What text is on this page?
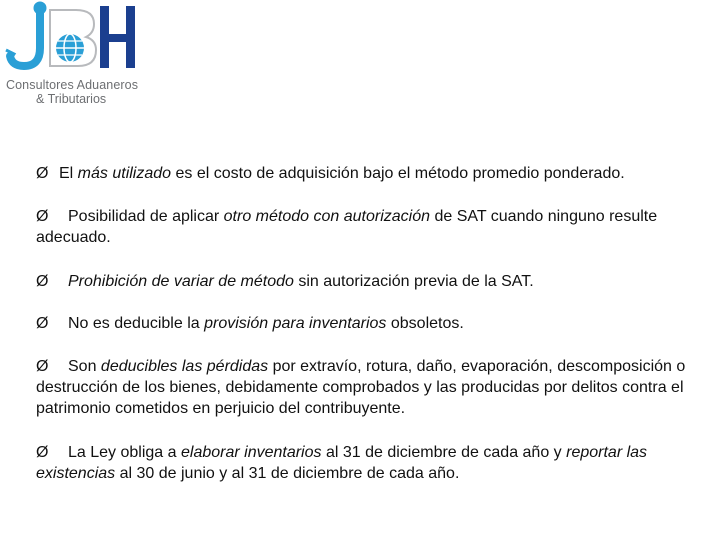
Consultores Aduaneros
& Tributarios
Ø El más utilizado es el costo de adquisición bajo el método promedio ponderado.
Ø Posibilidad de aplicar otro método con autorización de SAT cuando ninguno resulte adecuado.
Ø Prohibición de variar de método sin autorización previa de la SAT.
Ø No es deducible la provisión para inventarios obsoletos.
Ø Son deducibles las pérdidas por extravío, rotura, daño, evaporación, descomposición o destrucción de los bienes, debidamente comprobados y las producidas por delitos contra el patrimonio cometidos en perjuicio del contribuyente.
Ø La Ley obliga a elaborar inventarios al 31 de diciembre de cada año y reportar las existencias al 30 de junio y al 31 de diciembre de cada año.
